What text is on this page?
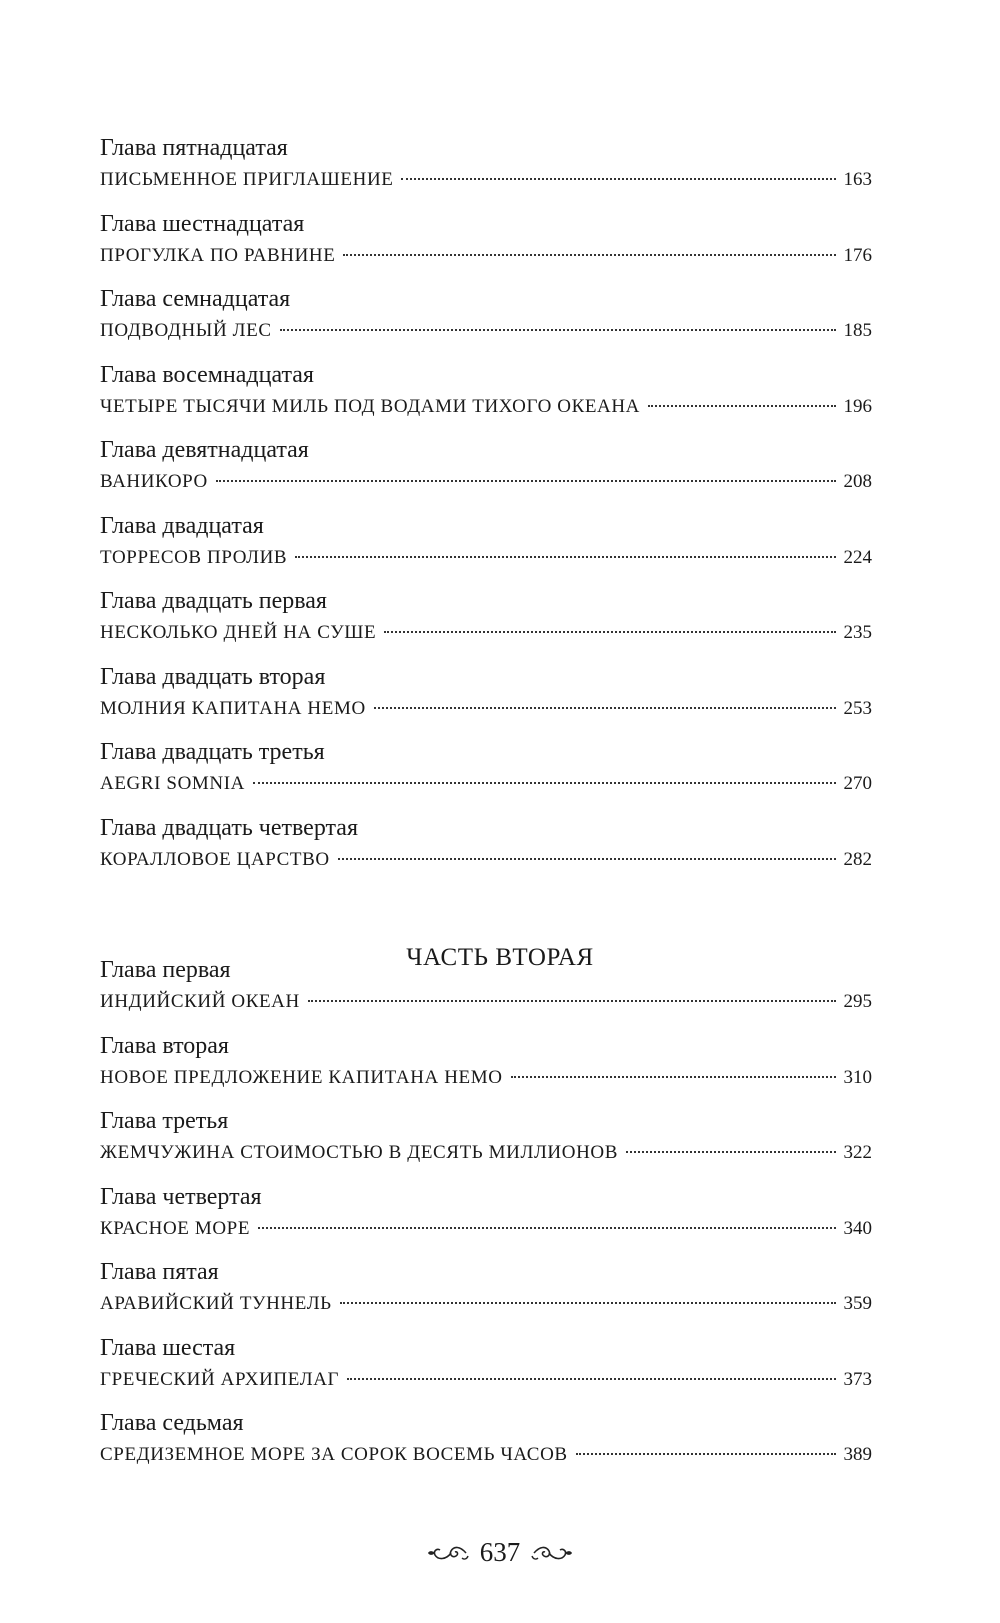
Глава пятнадцатая
ПИСЬМЕННОЕ ПРИГЛАШЕНИЕ	163
Глава шестнадцатая
ПРОГУЛКА ПО РАВНИНЕ	176
Глава семнадцатая
ПОДВОДНЫЙ ЛЕС	185
Глава восемнадцатая
ЧЕТЫРЕ ТЫСЯЧИ МИЛЬ ПОД ВОДАМИ ТИХОГО ОКЕАНА	196
Глава девятнадцатая
ВАНИКОРО	208
Глава двадцатая
ТОРРЕСОВ ПРОЛИВ	224
Глава двадцать первая
НЕСКОЛЬКО ДНЕЙ НА СУШЕ	235
Глава двадцать вторая
МОЛНИЯ КАПИТАНА НЕМО	253
Глава двадцать третья
AEGRI SOMNIA	270
Глава двадцать четвертая
КОРАЛЛОВОЕ ЦАРСТВО	282
ЧАСТЬ ВТОРАЯ
Глава первая
ИНДИЙСКИЙ ОКЕАН	295
Глава вторая
НОВОЕ ПРЕДЛОЖЕНИЕ КАПИТАНА НЕМО	310
Глава третья
ЖЕМЧУЖИНА СТОИМОСТЬЮ В ДЕСЯТЬ МИЛЛИОНОВ	322
Глава четвертая
КРАСНОЕ МОРЕ	340
Глава пятая
АРАВИЙСКИЙ ТУННЕЛЬ	359
Глава шестая
ГРЕЧЕСКИЙ АРХИПЕЛАГ	373
Глава седьмая
СРЕДИЗЕМНОЕ МОРЕ ЗА СОРОК ВОСЕМЬ ЧАСОВ	389
637
